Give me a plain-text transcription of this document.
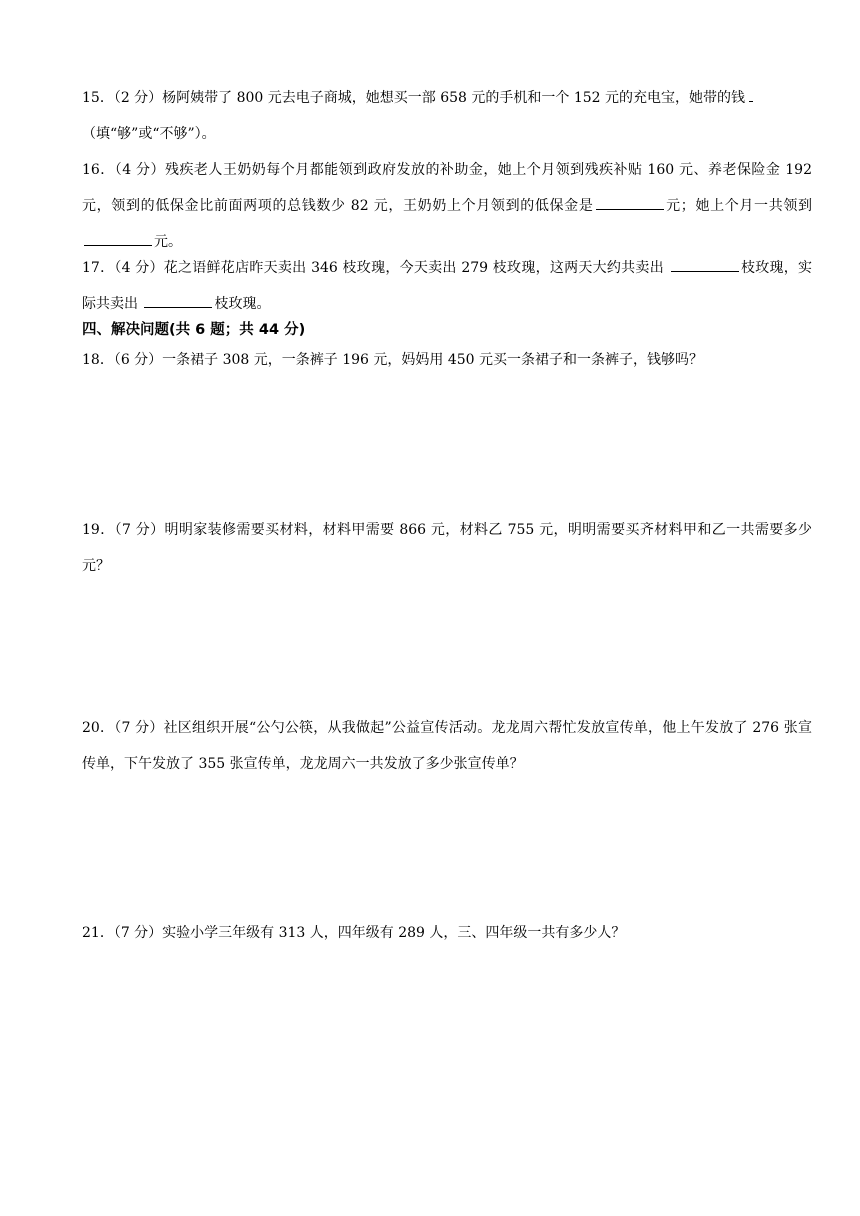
15．（2 分）杨阿姨带了 800 元去电子商城，她想买一部 658 元的手机和一个 152 元的充电宝，她带的钱
（填“够”或“不够”）。
16．（4 分）残疾老人王奶奶每个月都能领到政府发放的补助金，她上个月领到残疾补贴 160 元、养老保险金 192 元，领到的低保金比前面两项的总钱数少 82 元，王奶奶上个月领到的低保金是	元；她上个月一共领到 元。
17．（4 分）花之语鲜花店昨天卖出 346 枝玫瑰，今天卖出 279 枝玫瑰，这两天大约共卖出	枝玫瑰，实际共卖出	枝玫瑰。
四、解决问题(共 6 题；共 44 分)
18．（6 分）一条裙子 308 元，一条裤子 196 元，妈妈用 450 元买一条裙子和一条裤子，钱够吗？
19．（7 分）明明家装修需要买材料，材料甲需要 866 元，材料乙 755 元，明明需要买齐材料甲和乙一共需要多少元？
20．（7 分）社区组织开展“公勺公筷，从我做起”公益宣传活动。龙龙周六帮忙发放宣传单，他上午发放了 276 张宣传单，下午发放了 355 张宣传单，龙龙周六一共发放了多少张宣传单？
21．（7 分）实验小学三年级有 313 人，四年级有 289 人，三、四年级一共有多少人？
